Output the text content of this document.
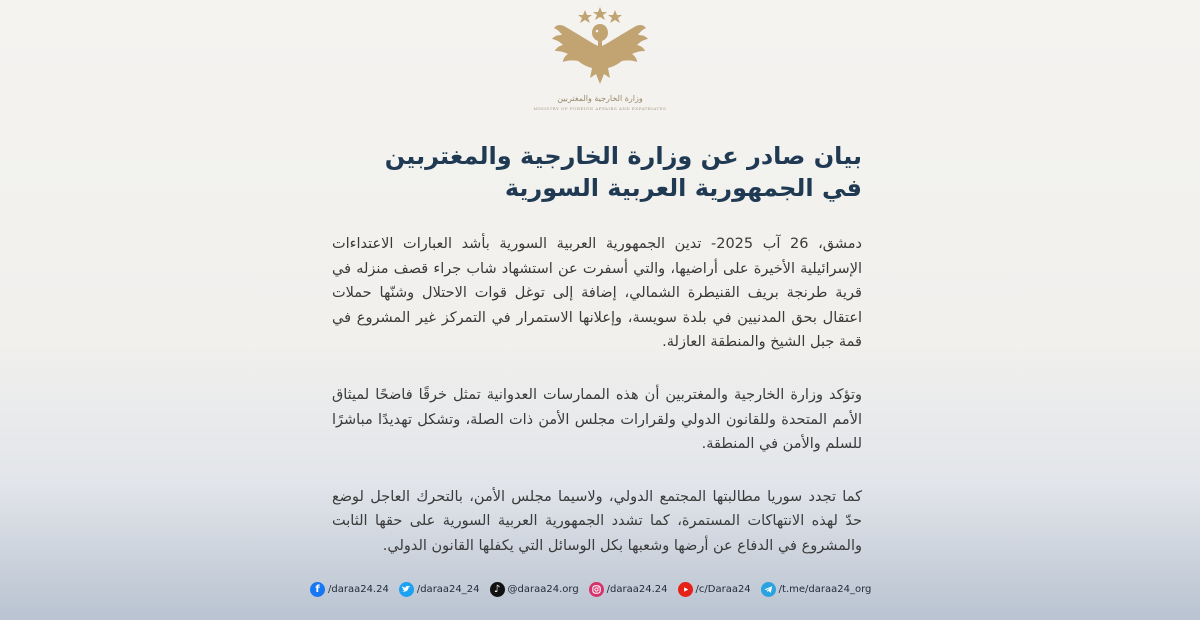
وزارة الخارجية والمغتربين
MINISTRY OF FOREIGN AFFAIRS AND EXPATRIATES
بيان صادر عن وزارة الخارجية والمغتربين
في الجمهورية العربية السورية

دمشق، 26 آب 2025- تدين الجمهورية العربية السورية بأشد العبارات الاعتداءات الإسرائيلية الأخيرة على أراضيها، والتي أسفرت عن استشهاد شاب جراء قصف منزله في قرية طرنجة بريف القنيطرة الشمالي، إضافة إلى توغل قوات الاحتلال وشنّها حملات اعتقال بحق المدنيين في بلدة سويسة، وإعلانها الاستمرار في التمركز غير المشروع في قمة جبل الشيخ والمنطقة العازلة.

وتؤكد وزارة الخارجية والمغتربين أن هذه الممارسات العدوانية تمثل خرقًا فاضحًا لميثاق الأمم المتحدة وللقانون الدولي ولقرارات مجلس الأمن ذات الصلة، وتشكل تهديدًا مباشرًا للسلم والأمن في المنطقة.

كما تجدد سوريا مطالبتها المجتمع الدولي، ولاسيما مجلس الأمن، بالتحرك العاجل لوضع حدّ لهذه الانتهاكات المستمرة، كما تشدد الجمهورية العربية السورية على حقها الثابت والمشروع في الدفاع عن أرضها وشعبها بكل الوسائل التي يكفلها القانون الدولي.

f /daraa24.24	/daraa24_24	♪ @daraa24.org	/daraa24.24	/c/Daraa24	/t.me/daraa24_org
